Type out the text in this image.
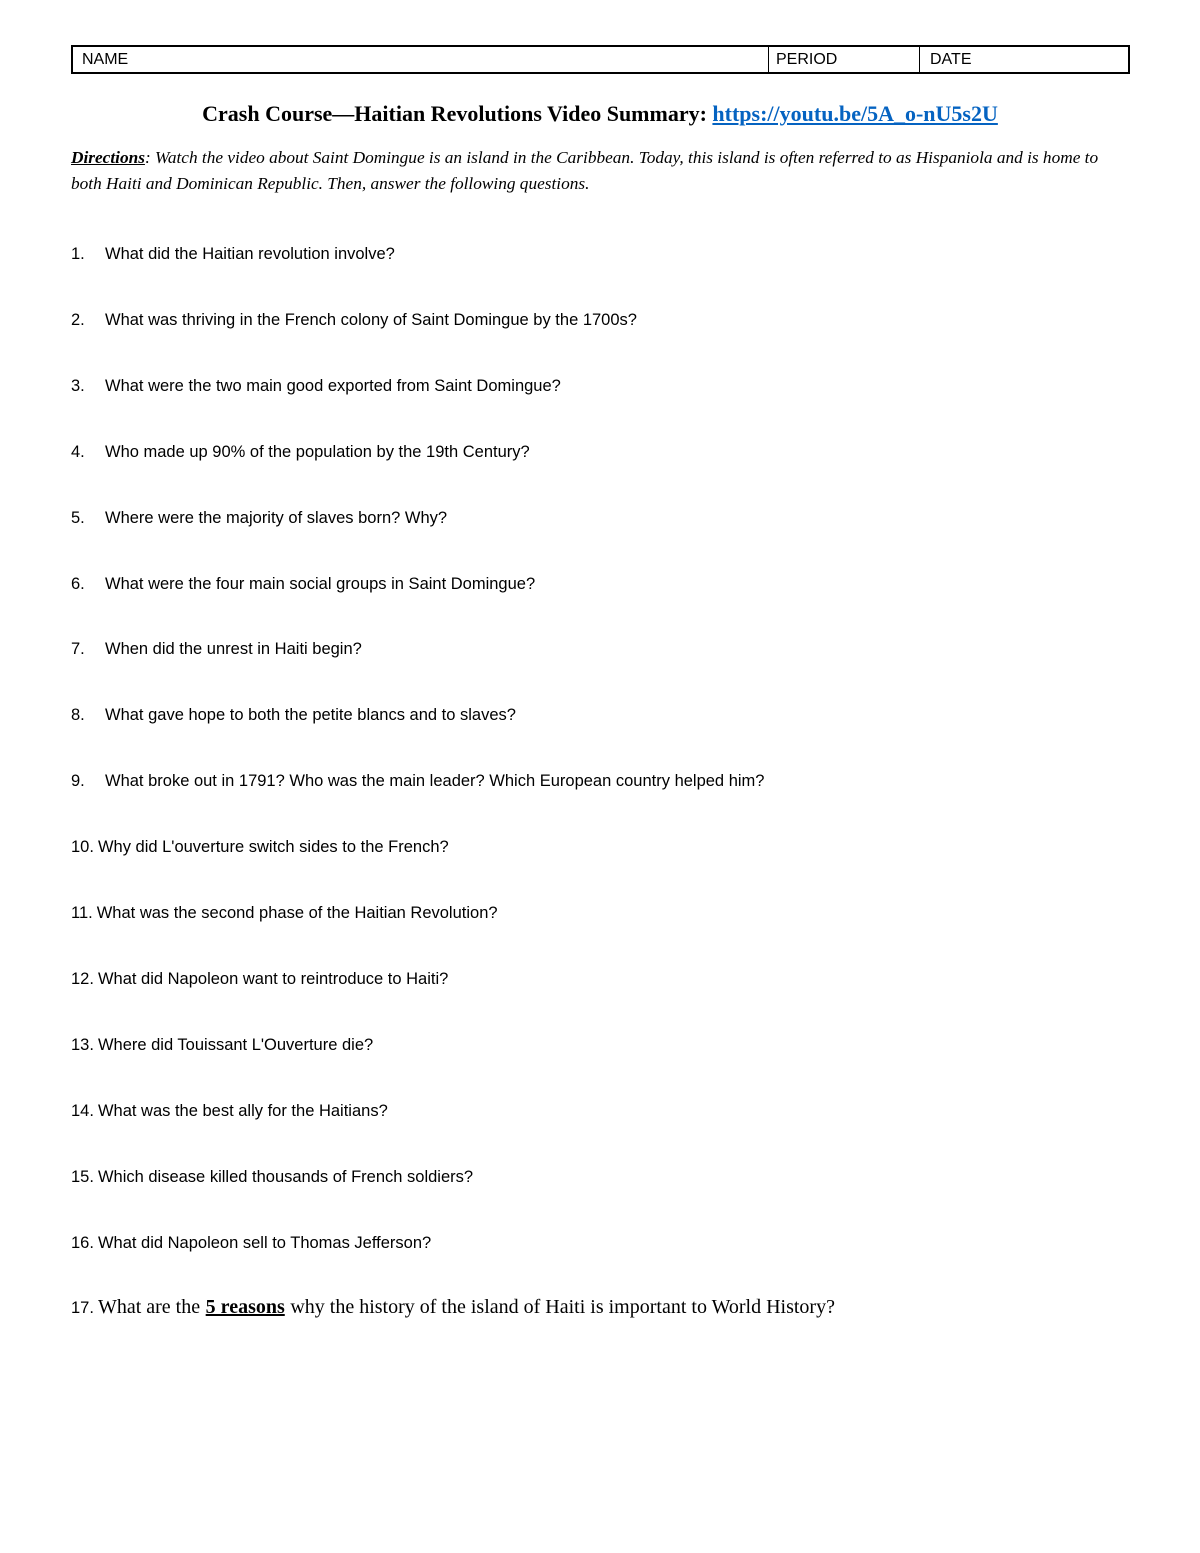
NAME	PERIOD	DATE
Crash Course—Haitian Revolutions Video Summary: https://youtu.be/5A_o-nU5s2U
Directions: Watch the video about Saint Domingue is an island in the Caribbean. Today, this island is often referred to as Hispaniola and is home to both Haiti and Dominican Republic. Then, answer the following questions.
1. What did the Haitian revolution involve?
2. What was thriving in the French colony of Saint Domingue by the 1700s?
3. What were the two main good exported from Saint Domingue?
4. Who made up 90% of the population by the 19th Century?
5. Where were the majority of slaves born? Why?
6. What were the four main social groups in Saint Domingue?
7. When did the unrest in Haiti begin?
8. What gave hope to both the petite blancs and to slaves?
9. What broke out in 1791? Who was the main leader? Which European country helped him?
10. Why did L'ouverture switch sides to the French?
11. What was the second phase of the Haitian Revolution?
12. What did Napoleon want to reintroduce to Haiti?
13. Where did Touissant L'Ouverture die?
14. What was the best ally for the Haitians?
15. Which disease killed thousands of French soldiers?
16. What did Napoleon sell to Thomas Jefferson?
17. What are the 5 reasons why the history of the island of Haiti is important to World History?
